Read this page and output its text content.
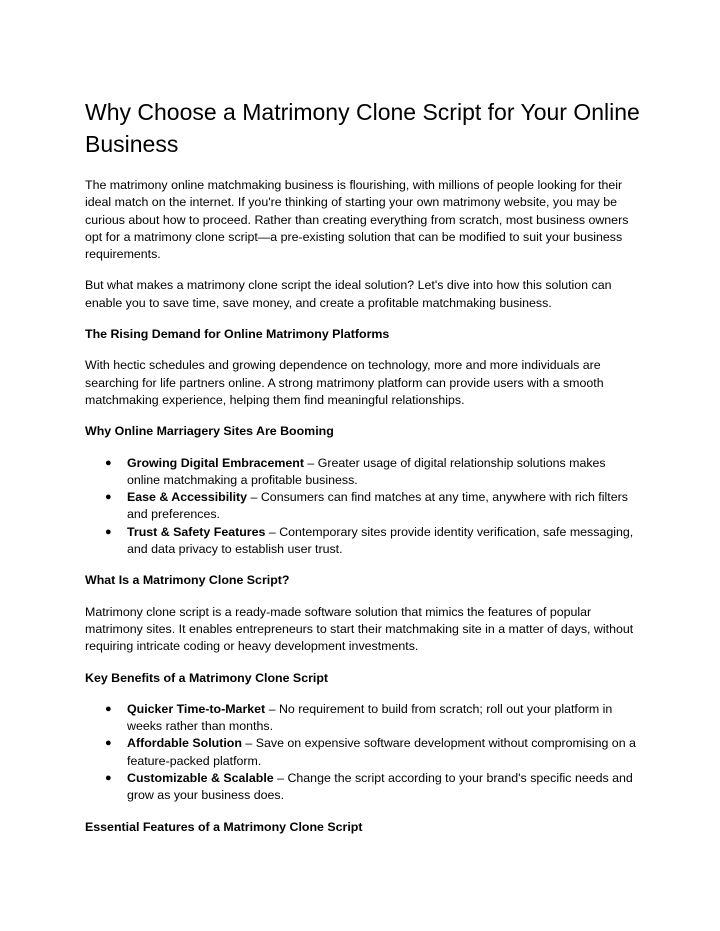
Why Choose a Matrimony Clone Script for Your Online Business

The matrimony online matchmaking business is flourishing, with millions of people looking for their ideal match on the internet. If you're thinking of starting your own matrimony website, you may be curious about how to proceed. Rather than creating everything from scratch, most business owners opt for a matrimony clone script—a pre-existing solution that can be modified to suit your business requirements.

But what makes a matrimony clone script the ideal solution? Let's dive into how this solution can enable you to save time, save money, and create a profitable matchmaking business.

The Rising Demand for Online Matrimony Platforms

With hectic schedules and growing dependence on technology, more and more individuals are searching for life partners online. A strong matrimony platform can provide users with a smooth matchmaking experience, helping them find meaningful relationships.

Why Online Marriagery Sites Are Booming
● Growing Digital Embracement – Greater usage of digital relationship solutions makes online matchmaking a profitable business.
● Ease & Accessibility – Consumers can find matches at any time, anywhere with rich filters and preferences.
● Trust & Safety Features – Contemporary sites provide identity verification, safe messaging, and data privacy to establish user trust.
What Is a Matrimony Clone Script?

Matrimony clone script is a ready-made software solution that mimics the features of popular matrimony sites. It enables entrepreneurs to start their matchmaking site in a matter of days, without requiring intricate coding or heavy development investments.

Key Benefits of a Matrimony Clone Script
● Quicker Time-to-Market – No requirement to build from scratch; roll out your platform in weeks rather than months.
● Affordable Solution – Save on expensive software development without compromising on a feature-packed platform.
● Customizable & Scalable – Change the script according to your brand's specific needs and grow as your business does.
Essential Features of a Matrimony Clone Script
